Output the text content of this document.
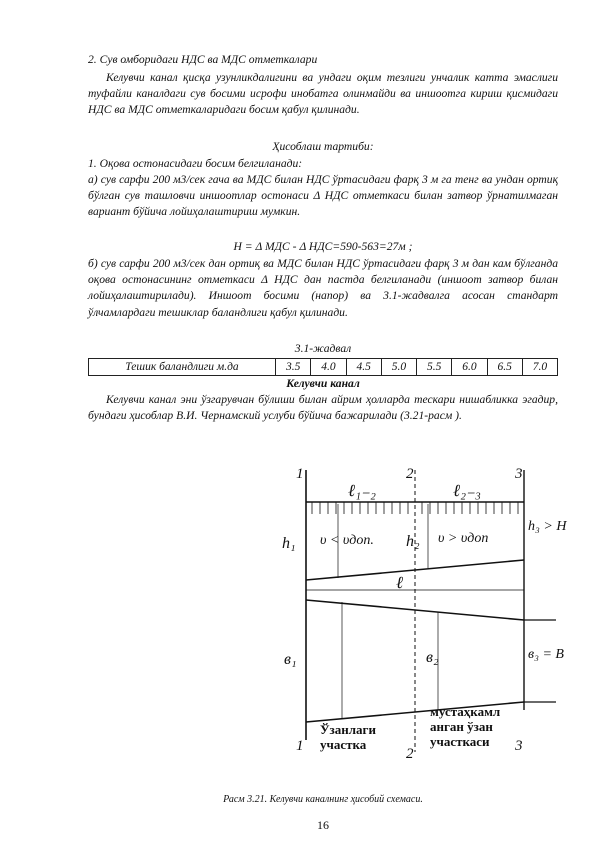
2. Сув омборидаги НДС ва МДС отметкалари

Келувчи канал қисқа узунликдалигини ва ундаги оқим тезлиги унчалик катта эмаслиги туфайли каналдаги сув босими исрофи инобатга олинмайди ва иншоотга кириш қисмидаги НДС ва МДС отметкаларидаги босим қабул қилинади.

Ҳисоблаш тартиби:

1. Оқова остонасидаги босим белгиланади:

а) сув сарфи 200 м3/сек гача ва МДС билан НДС ўртасидаги фарқ 3 м га тенг ва ундан ортиқ бўлган сув ташловчи иншоотлар остонаси Δ НДС отметкаси билан затвор ўрнатилмаган вариант бўйича лойиҳалаштириш мумкин.

Н = Δ МДС - Δ НДС=590-563=27м ;

б) сув сарфи 200 м3/сек дан ортиқ ва МДС билан НДС ўртасидаги фарқ 3 м дан кам бўлганда оқова остонасининг отметкаси Δ НДС дан пастда белгиланади (иншоот затвор билан лойиҳалаштирилади). Иншоот босими (напор) ва 3.1-жадвалга асосан стандарт ўлчамлардаги тешиклар баландлиги қабул қилинади.

3.1-жадвал

Тешик баландлиги м.да	3.5	4.0	4.5	5.0	5.5	6.0	6.5	7.0

Келувчи канал

Келувчи канал эни ўзгарувчан бўлиши билан айрим ҳолларда тескари нишабликка эгадир, бундаги ҳисоблар В.И. Чернамский услуби бўйича бажарилади (3.21-расм ).

1	2	3
ℓ₁₋₂	ℓ₂₋₃
h₁	h₂
h₃ > H
υ < υдоп.	υ > υдоп
ℓ
в₁	в₂	в₃ = В
1	2	3
Ўзанлаги
участка
мустаҳкамл
анган ўзан
участкаси

Расм 3.21. Келувчи каналнинг ҳисобий схемаси.

16
